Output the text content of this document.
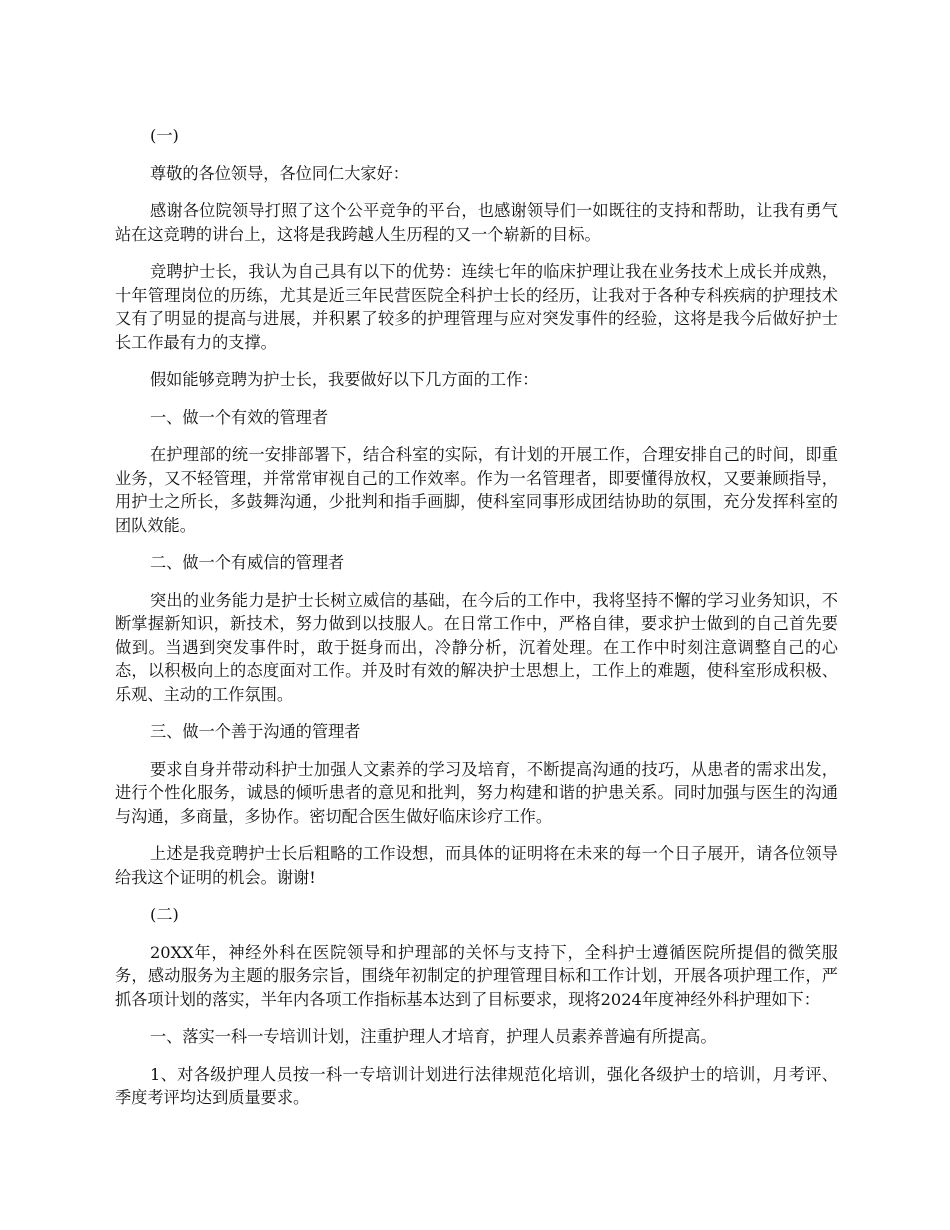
(一)

尊敬的各位领导，各位同仁大家好：

感谢各位院领导打照了这个公平竞争的平台，也感谢领导们一如既往的支持和帮助，让我有勇气站在这竞聘的讲台上，这将是我跨越人生历程的又一个崭新的目标。

竞聘护士长，我认为自己具有以下的优势：连续七年的临床护理让我在业务技术上成长并成熟，十年管理岗位的历练，尤其是近三年民营医院全科护士长的经历，让我对于各种专科疾病的护理技术又有了明显的提高与进展，并积累了较多的护理管理与应对突发事件的经验，这将是我今后做好护士长工作最有力的支撑。

假如能够竞聘为护士长，我要做好以下几方面的工作：

一、做一个有效的管理者

在护理部的统一安排部署下，结合科室的实际，有计划的开展工作，合理安排自己的时间，即重业务，又不轻管理，并常常审视自己的工作效率。作为一名管理者，即要懂得放权，又要兼顾指导，用护士之所长，多鼓舞沟通，少批判和指手画脚，使科室同事形成团结协助的氛围，充分发挥科室的团队效能。

二、做一个有威信的管理者

突出的业务能力是护士长树立威信的基础，在今后的工作中，我将坚持不懈的学习业务知识，不断掌握新知识，新技术，努力做到以技服人。在日常工作中，严格自律，要求护士做到的自己首先要做到。当遇到突发事件时，敢于挺身而出，冷静分析，沉着处理。在工作中时刻注意调整自己的心态，以积极向上的态度面对工作。并及时有效的解决护士思想上，工作上的难题，使科室形成积极、乐观、主动的工作氛围。

三、做一个善于沟通的管理者

要求自身并带动科护士加强人文素养的学习及培育，不断提高沟通的技巧，从患者的需求出发，进行个性化服务，诚恳的倾听患者的意见和批判，努力构建和谐的护患关系。同时加强与医生的沟通与沟通，多商量，多协作。密切配合医生做好临床诊疗工作。

上述是我竞聘护士长后粗略的工作设想，而具体的证明将在未来的每一个日子展开，请各位领导给我这个证明的机会。谢谢!

(二)

20XX年，神经外科在医院领导和护理部的关怀与支持下，全科护士遵循医院所提倡的微笑服务，感动服务为主题的服务宗旨，围绕年初制定的护理管理目标和工作计划，开展各项护理工作，严抓各项计划的落实，半年内各项工作指标基本达到了目标要求，现将2024年度神经外科护理如下：

一、落实一科一专培训计划，注重护理人才培育，护理人员素养普遍有所提高。

1、对各级护理人员按一科一专培训计划进行法律规范化培训，强化各级护士的培训，月考评、季度考评均达到质量要求。
